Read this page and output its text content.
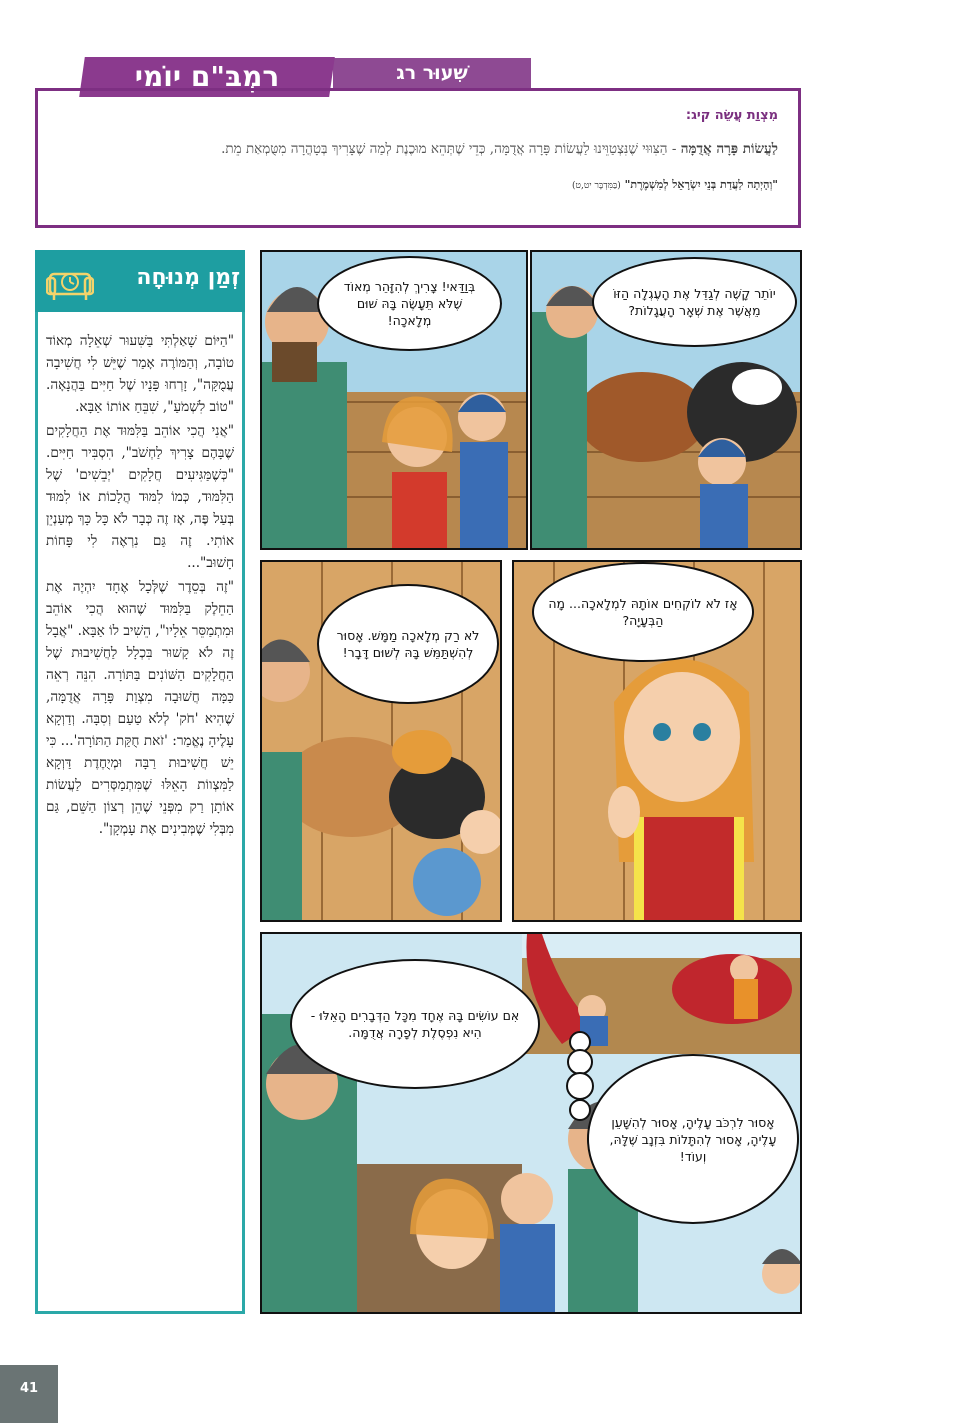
שִׁעוּר רג
רַמְבַּ"ם יוֹמִי
מִצְוַת עֲשֵׂה קיג:
לַעֲשׂוֹת פָּרָה אֲדֻמָּה - הַצִּוּוּי שֶׁנִּצְטַוֵּינוּ לַעֲשׂוֹת פָּרָה אֲדֻמָּה, כְּדֵי שֶׁתְּהֵא מוּכֶנֶת לְמַה שֶׁצָּרִיךְ בְּטָהֳרָה מִטֻּמְאַת מֵת.
"וְהָיְתָה לַעֲדַת בְּנֵי יִשְׂרָאֵל לְמִשְׁמֶרֶת" (בַּמִּדְבָּר יט,ט)
זְמַן מְנוּחָה

"הַיּוֹם שָׁאַלְתִּי בַּשִּׁעוּר שְׁאֵלָה מְאוֹד טוֹבָה, וְהַמּוֹרֶה אָמַר שֶׁיֵּשׁ לִי חֲשִׁיבָה עֲמֻקָּה", זָרְחוּ פָּנָיו שֶׁל חַיִּים בַּהֲנָאָה. "טוֹב לִשְׁמֹעַ", שִׁבֵּחַ אוֹתוֹ אַבָּא.

"אֲנִי הֲכִי אוֹהֵב בַּלִּמּוּד אֶת הַחֲלָקִים שֶׁבָּהֶם צָרִיךְ לַחְשֹׁב", הִסְבִּיר חַיִּים. "כְּשֶׁמַּגִּיעִים חֲלָקִים 'יְבֵשִׁים' שֶׁל הַלִּמּוּד, כְּמוֹ לִמּוּד הֲלָכוֹת אוֹ לִמּוּד בְּעַל פֶּה, אָז זֶה כְּבָר לֹא כָּל כָּךְ מְעַנְיֵן אוֹתִי. זֶה גַּם נִרְאֶה לִי פָּחוֹת חָשׁוּב"...

"זֶה בְּסֵדֶר שֶׁלְּכָל אֶחָד יִהְיֶה אֶת הַחֵלֶק בַּלִּמּוּד שֶׁהוּא הֲכִי אוֹהֵב וּמִתְמַסֵּר אֵלָיו", הֵשִׁיב לוֹ אַבָּא. "אֲבָל זֶה לֹא קָשׁוּר בִּכְלָל לַחֲשִׁיבוּת שֶׁל הַחֲלָקִים הַשּׁוֹנִים בַּתּוֹרָה. הִנֵּה רְאֵה כַּמָּה חֲשׁוּבָה מִצְוַת פָּרָה אֲדֻמָּה, שֶׁהִיא 'חֹק' לְלֹא טַעַם וְסִבָּה. וְדַוְקָא עָלֶיהָ נֶאֱמַר: 'זֹאת חֻקַּת הַתּוֹרָה'... כִּי יֵשׁ חֲשִׁיבוּת רַבָּה וּמְיֻחֶדֶת דַּוְקָא לַמִּצְווֹת הָאֵלּוּ שֶׁמִּתְמַסְּרִים לַעֲשׂוֹת אוֹתָן רַק מִפְּנֵי שֶׁהֵן רְצוֹן הַשֵּׁם, גַּם מִבְּלִי שֶׁמְּבִינִים אֶת עָמְקָן".

יוֹתֵר קָשֶׁה לְגַדֵּל אֶת הָעֶגְלָה הַזּוֹ מֵאֲשֶׁר אֶת שְׁאָר הָעֲגָלוֹת?
בְּוַדַּאי! צָרִיךְ לְהִזָּהֵר מְאוֹד שֶׁלֹּא תֵּעָשֶׂה בָּהּ שׁוּם מְלָאכָה!
אָז לֹא לוֹקְחִים אוֹתָהּ לִמְלָאכָה... מָה הַבְּעָיָה?
לֹא רַק מְלָאכָה מַמָּשׁ. אָסוּר לְהִשְׁתַּמֵּשׁ בָּהּ לְשׁוּם דָּבָר!
אִם עוֹשִׂים בָּהּ אֶחָד מִכָּל הַדְּבָרִים הָאֵלּוּ - הִיא נִפְסֶלֶת לְפָרָה אֲדֻמָּה.
אָסוּר לִרְכֹּב עָלֶיהָ, אָסוּר לְהִשָּׁעֵן עָלֶיהָ, אָסוּר לְהִתָּלוֹת בִּזְנָב שֶׁלָּהּ, וְעוֹד!
41
